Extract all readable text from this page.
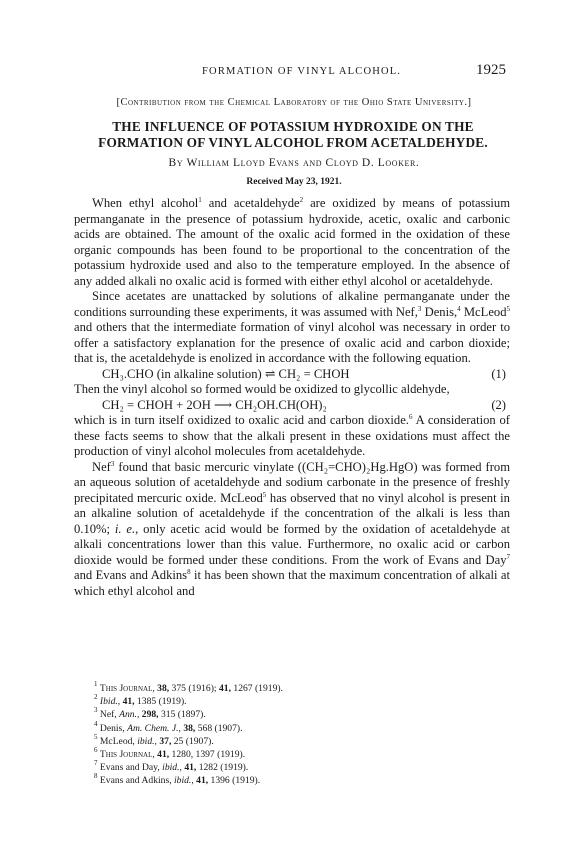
FORMATION OF VINYL ALCOHOL.	1925
[Contribution from the Chemical Laboratory of the Ohio State University.]
THE INFLUENCE OF POTASSIUM HYDROXIDE ON THE FORMATION OF VINYL ALCOHOL FROM ACETALDEHYDE.
By William Lloyd Evans and Cloyd D. Looker.
Received May 23, 1921.

When ethyl alcohol$^1$ and acetaldehyde$^2$ are oxidized by means of potassium permanganate in the presence of potassium hydroxide, acetic, oxalic and carbonic acids are obtained. The amount of the oxalic acid formed in the oxidation of these organic compounds has been found to be proportional to the concentration of the potassium hydroxide used and also to the temperature employed. In the absence of any added alkali no oxalic acid is formed with either ethyl alcohol or acetaldehyde.

Since acetates are unattacked by solutions of alkaline permanganate under the conditions surrounding these experiments, it was assumed with Nef,$^3$ Denis,$^4$ McLeod$^5$ and others that the intermediate formation of vinyl alcohol was necessary in order to offer a satisfactory explanation for the presence of oxalic acid and carbon dioxide; that is, the acetaldehyde is enolized in accordance with the following equation.

CH₃.CHO (in alkaline solution) ⇌ CH₂ = CHOH	(1)

Then the vinyl alcohol so formed would be oxidized to glycollic aldehyde,

CH₂ = CHOH + 2OH ⟶ CH₂OH.CH(OH)₂	(2)

which is in turn itself oxidized to oxalic acid and carbon dioxide.$^6$ A consideration of these facts seems to show that the alkali present in these oxidations must affect the production of vinyl alcohol molecules from acetaldehyde.

Nef$^3$ found that basic mercuric vinylate ((CH₂=CHO)₂Hg.HgO) was formed from an aqueous solution of acetaldehyde and sodium carbonate in the presence of freshly precipitated mercuric oxide. McLeod$^5$ has observed that no vinyl alcohol is present in an alkaline solution of acetaldehyde if the concentration of the alkali is less than 0.10%; i. e., only acetic acid would be formed by the oxidation of acetaldehyde at alkali concentrations lower than this value. Furthermore, no oxalic acid or carbon dioxide would be formed under these conditions. From the work of Evans and Day$^7$ and Evans and Adkins$^8$ it has been shown that the maximum concentration of alkali at which ethyl alcohol and

$^1$ This Journal, 38, 375 (1916); 41, 1267 (1919).
$^2$ Ibid., 41, 1385 (1919).
$^3$ Nef, Ann., 298, 315 (1897).
$^4$ Denis, Am. Chem. J., 38, 568 (1907).
$^5$ McLeod, ibid., 37, 25 (1907).
$^6$ This Journal, 41, 1280, 1397 (1919).
$^7$ Evans and Day, ibid., 41, 1282 (1919).
$^8$ Evans and Adkins, ibid., 41, 1396 (1919).
